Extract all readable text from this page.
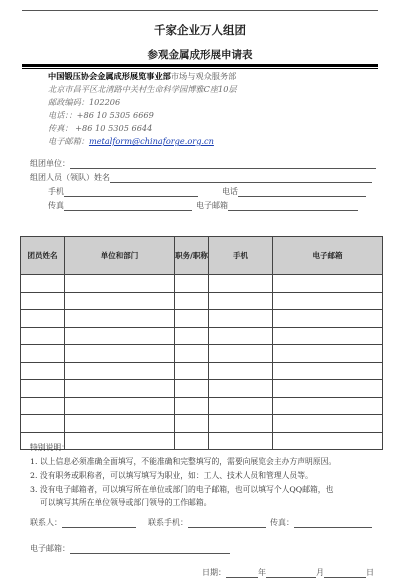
千家企业万人组团
参观金属成形展申请表
中国锻压协会金属成形展览事业部市场与观众服务部
北京市昌平区北清路中关村生命科学园博雅C座10层
邮政编码：102206
电话：：+86 10 5305 6669
传真： +86 10 5305 6644
电子邮箱：metalform@chinaforge.org.cn
组团单位：
组团人员（领队）姓名
手机	电话
传真	电子邮箱
团员姓名	单位和部门	职务/职称	手机	电子邮箱

特别说明：
1. 以上信息必须准确全面填写，不能准确和完整填写的，需要向展览会主办方声明原因。
2. 没有职务或职称者，可以填写填写为职业，如：工人、技术人员和管理人员等。
3. 没有电子邮箱者，可以填写所在单位或部门的电子邮箱，也可以填写个人QQ邮箱，也
可以填写其所在单位领导或部门领导的工作邮箱。
联系人：	联系手机：	传真：
电子邮箱：
日期：	年	月	日
